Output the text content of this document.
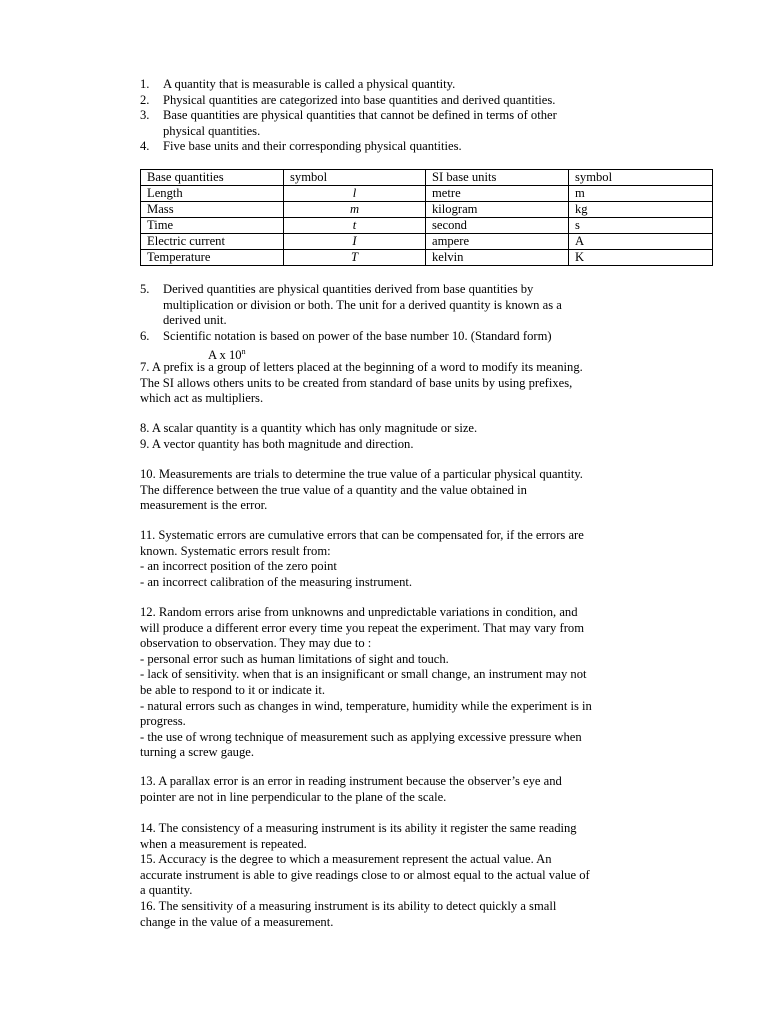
1. A quantity that is measurable is called a physical quantity.
2. Physical quantities are categorized into base quantities and derived quantities.
3. Base quantities are physical quantities that cannot be defined in terms of other
physical quantities.
4. Five base units and their corresponding physical quantities.
Base quantities	symbol	SI base units	symbol
Length	l	metre	m
Mass	m	kilogram	kg
Time	t	second	s
Electric current	I	ampere	A
Temperature	T	kelvin	K
5. Derived quantities are physical quantities derived from base quantities by
multiplication or division or both. The unit for a derived quantity is known as a
derived unit.
6. Scientific notation is based on power of the base number 10. (Standard form)
A x 10$^n$
7. A prefix is a group of letters placed at the beginning of a word to modify its meaning.
The SI allows others units to be created from standard of base units by using prefixes,
which act as multipliers.
8. A scalar quantity is a quantity which has only magnitude or size.
9. A vector quantity has both magnitude and direction.
10. Measurements are trials to determine the true value of a particular physical quantity.
The difference between the true value of a quantity and the value obtained in
measurement is the error.
11. Systematic errors are cumulative errors that can be compensated for, if the errors are
known. Systematic errors result from:
- an incorrect position of the zero point
- an incorrect calibration of the measuring instrument.
12. Random errors arise from unknowns and unpredictable variations in condition, and
will produce a different error every time you repeat the experiment. That may vary from
observation to observation. They may due to :
- personal error such as human limitations of sight and touch.
- lack of sensitivity. when that is an insignificant or small change, an instrument may not
be able to respond to it or indicate it.
- natural errors such as changes in wind, temperature, humidity while the experiment is in
progress.
- the use of wrong technique of measurement such as applying excessive pressure when
turning a screw gauge.
13. A parallax error is an error in reading instrument because the observer’s eye and
pointer are not in line perpendicular to the plane of the scale.
14. The consistency of a measuring instrument is its ability it register the same reading
when a measurement is repeated.
15. Accuracy is the degree to which a measurement represent the actual value. An
accurate instrument is able to give readings close to or almost equal to the actual value of
a quantity.
16. The sensitivity of a measuring instrument is its ability to detect quickly a small
change in the value of a measurement.
